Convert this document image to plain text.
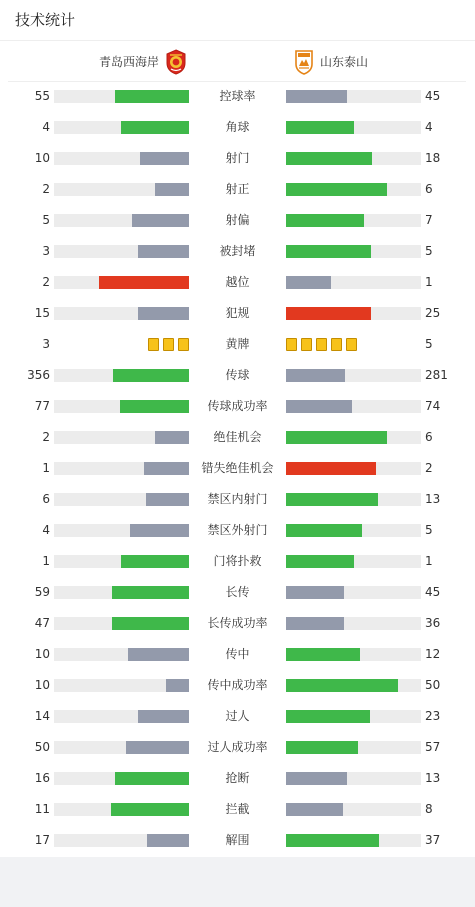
技术统计
青岛西海岸	山东泰山
55	控球率	45
4	角球	4
10	射门	18
2	射正	6
5	射偏	7
3	被封堵	5
2	越位	1
15	犯规	25
3	黄牌	5
356	传球	281
77	传球成功率	74
2	绝佳机会	6
1	错失绝佳机会	2
6	禁区内射门	13
4	禁区外射门	5
1	门将扑救	1
59	长传	45
47	长传成功率	36
10	传中	12
10	传中成功率	50
14	过人	23
50	过人成功率	57
16	抢断	13
11	拦截	8
17	解围	37
